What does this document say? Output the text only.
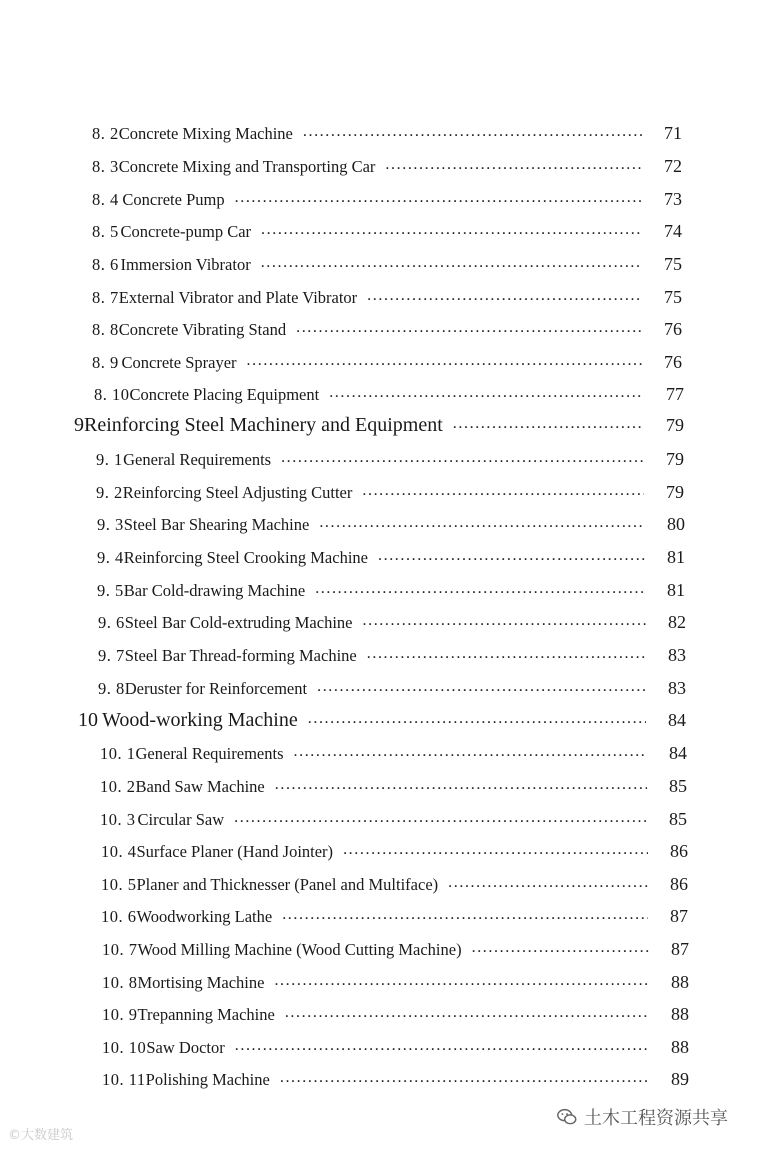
8. 2 Concrete Mixing Machine ·····	71
8. 3 Concrete Mixing and Transporting Car ·····	72
8. 4 Concrete Pump ·····	73
8. 5 Concrete-pump Car ·····	74
8. 6 Immersion Vibrator ·····	75
8. 7 External Vibrator and Plate Vibrator ·····	75
8. 8 Concrete Vibrating Stand ·····	76
8. 9 Concrete Sprayer ·····	76
8. 10 Concrete Placing Equipment ·····	77
9 Reinforcing Steel Machinery and Equipment ·····	79
9. 1 General Requirements ·····	79
9. 2 Reinforcing Steel Adjusting Cutter ·····	79
9. 3 Steel Bar Shearing Machine ·····	80
9. 4 Reinforcing Steel Crooking Machine ·····	81
9. 5 Bar Cold-drawing Machine ·····	81
9. 6 Steel Bar Cold-extruding Machine ·····	82
9. 7 Steel Bar Thread-forming Machine ·····	83
9. 8 Deruster for Reinforcement ·····	83
10 Wood-working Machine ·····	84
10. 1 General Requirements ·····	84
10. 2 Band Saw Machine ·····	85
10. 3 Circular Saw ·····	85
10. 4 Surface Planer (Hand Jointer) ·····	86
10. 5 Planer and Thicknesser (Panel and Multiface) ·····	86
10. 6 Woodworking Lathe ·····	87
10. 7 Wood Milling Machine (Wood Cutting Machine) ·····	87
10. 8 Mortising Machine ·····	88
10. 9 Trepanning Machine ·····	88
10. 10 Saw Doctor ·····	88
10. 11 Polishing Machine ·····	89
©大数建筑
土木工程资源共享
